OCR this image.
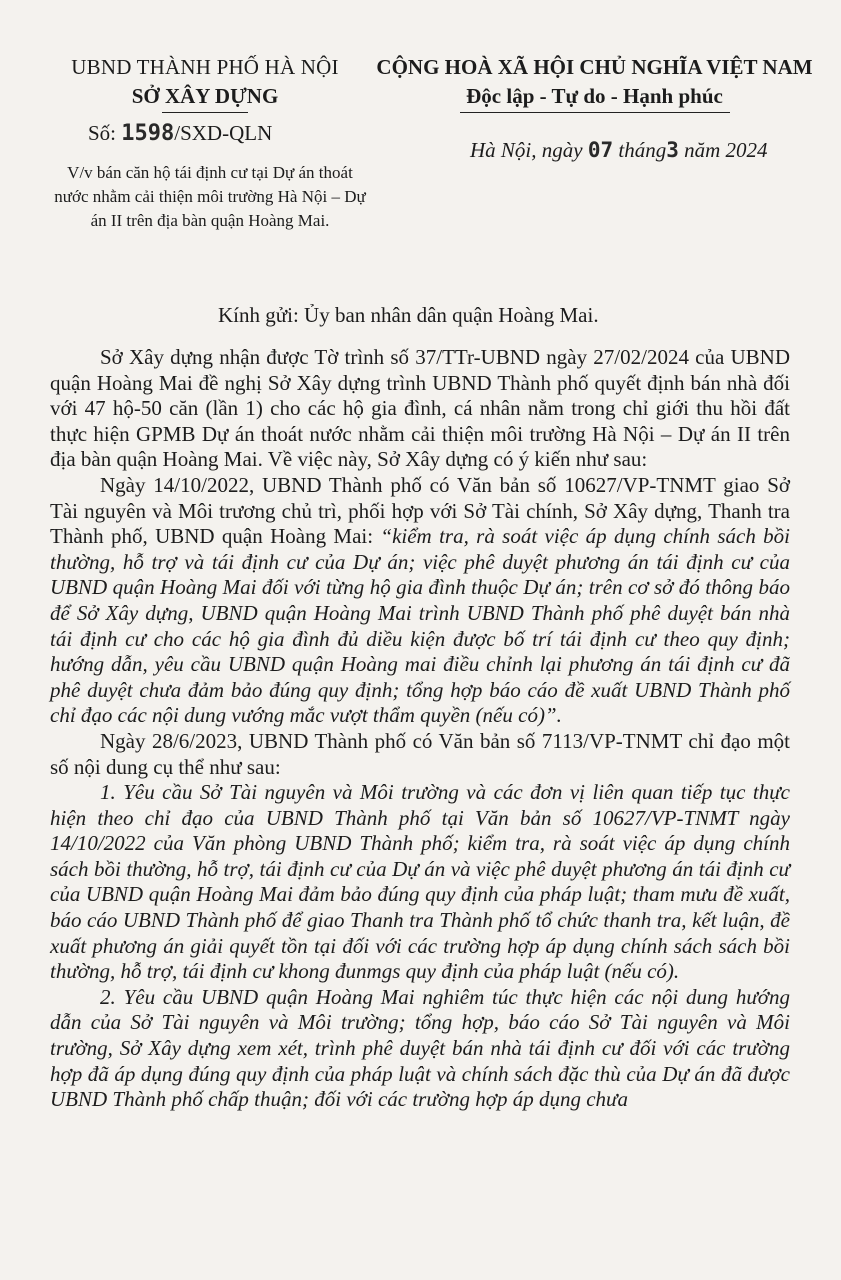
UBND THÀNH PHỐ HÀ NỘI
SỞ XÂY DỰNG
CỘNG HOÀ XÃ HỘI CHỦ NGHĨA VIỆT NAM
Độc lập - Tự do - Hạnh phúc
Số: 1598/SXD-QLN
V/v bán căn hộ tái định cư tại Dự án thoát nước nhằm cải thiện môi trường Hà Nội – Dự án II trên địa bàn quận Hoàng Mai.
Hà Nội, ngày 07 tháng3 năm 2024
Kính gửi: Ủy ban nhân dân quận Hoàng Mai.

Sở Xây dựng nhận được Tờ trình số 37/TTr-UBND ngày 27/02/2024 của UBND quận Hoàng Mai đề nghị Sở Xây dựng trình UBND Thành phố quyết định bán nhà đối với 47 hộ-50 căn (lần 1) cho các hộ gia đình, cá nhân nằm trong chỉ giới thu hồi đất thực hiện GPMB Dự án thoát nước nhằm cải thiện môi trường Hà Nội – Dự án II trên địa bàn quận Hoàng Mai. Về việc này, Sở Xây dựng có ý kiến như sau:

Ngày 14/10/2022, UBND Thành phố có Văn bản số 10627/VP-TNMT giao Sở Tài nguyên và Môi trương chủ trì, phối hợp với Sở Tài chính, Sở Xây dựng, Thanh tra Thành phố, UBND quận Hoàng Mai: “kiểm tra, rà soát việc áp dụng chính sách bồi thường, hỗ trợ và tái định cư của Dự án; việc phê duyệt phương án tái định cư của UBND quận Hoàng Mai đối với từng hộ gia đình thuộc Dự án; trên cơ sở đó thông báo để Sở Xây dựng, UBND quận Hoàng Mai trình UBND Thành phố phê duyệt bán nhà tái định cư cho các hộ gia đình đủ diều kiện được bố trí tái định cư theo quy định; hướng dẫn, yêu cầu UBND quận Hoàng mai điều chỉnh lại phương án tái định cư đã phê duyệt chưa đảm bảo đúng quy định; tổng hợp báo cáo đề xuất UBND Thành phố chỉ đạo các nội dung vướng mắc vượt thẩm quyền (nếu có)”.

Ngày 28/6/2023, UBND Thành phố có Văn bản số 7113/VP-TNMT chỉ đạo một số nội dung cụ thể như sau:

1. Yêu cầu Sở Tài nguyên và Môi trường và các đơn vị liên quan tiếp tục thực hiện theo chỉ đạo của UBND Thành phố tại Văn bản số 10627/VP-TNMT ngày 14/10/2022 của Văn phòng UBND Thành phố; kiểm tra, rà soát việc áp dụng chính sách bồi thường, hỗ trợ, tái định cư của Dự án và việc phê duyệt phương án tái định cư của UBND quận Hoàng Mai đảm bảo đúng quy định của pháp luật; tham mưu đề xuất, báo cáo UBND Thành phố để giao Thanh tra Thành phố tổ chức thanh tra, kết luận, đề xuất phương án giải quyết tồn tại đối với các trường hợp áp dụng chính sách sách bồi thường, hỗ trợ, tái định cư khong đunmgs quy định của pháp luật (nếu có).

2. Yêu cầu UBND quận Hoàng Mai nghiêm túc thực hiện các nội dung hướng dẫn của Sở Tài nguyên và Môi trường; tổng hợp, báo cáo Sở Tài nguyên và Môi trường, Sở Xây dựng xem xét, trình phê duyệt bán nhà tái định cư đối với các trường hợp đã áp dụng đúng quy định của pháp luật và chính sách đặc thù của Dự án đã được UBND Thành phố chấp thuận; đối với các trường hợp áp dụng chưa
